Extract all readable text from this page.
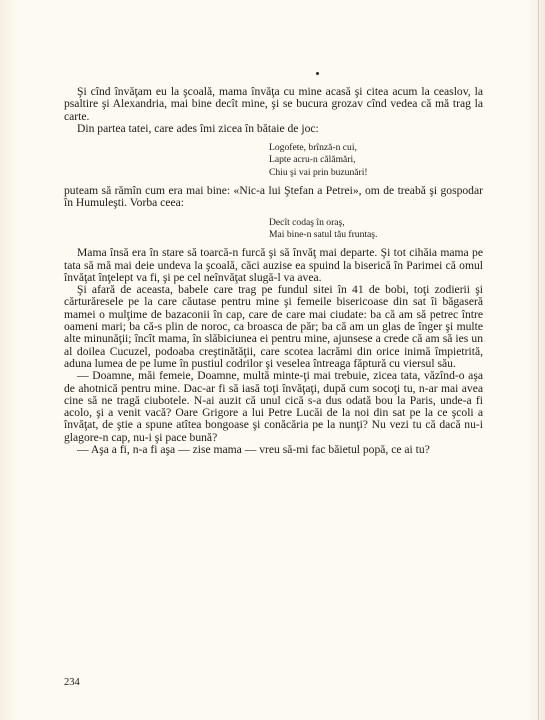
Şi cînd învăţam eu la şcoală, mama învăţa cu mine acasă şi citea acum la ceaslov, la psaltire şi Alexandria, mai bine decît mine, şi se bucura grozav cînd vedea că mă trag la carte.

Din partea tatei, care ades îmi zicea în bătaie de joc:

Logofete, brînză-n cui,
Lapte acru-n călămări,
Chiu şi vai prin buzunări!

puteam să rămîn cum era mai bine: «Nic-a lui Ştefan a Petrei», om de treabă şi gospodar în Humuleşti. Vorba ceea:

Decît codaş în oraş,
Mai bine-n satul tău fruntaş.

Mama însă era în stare să toarcă-n furcă şi să învăţ mai departe. Şi tot cihăia mama pe tata să mă mai deie undeva la şcoală, căci auzise ea spuind la biserică în Parimei că omul învăţat înţelept va fi, şi pe cel neînvăţat slugă-l va avea.

Şi afară de aceasta, babele care trag pe fundul sitei în 41 de bobi, toţi zodierii şi cărturăresele pe la care căutase pentru mine şi femeile bisericoase din sat îi băgaseră mamei o mulţime de bazaconii în cap, care de care mai ciudate: ba că am să petrec între oameni mari; ba că-s plin de noroc, ca broasca de păr; ba că am un glas de înger şi multe alte minunăţii; încît mama, în slăbiciunea ei pentru mine, ajunsese a crede că am să ies un al doilea Cucuzel, podoaba creştinătăţii, care scotea lacrămi din orice inimă împietrită, aduna lumea de pe lume în pustiul codrilor şi veselea întreaga făptură cu viersul său.

— Doamne, măi femeie, Doamne, multă minte-ţi mai trebuie, zicea tata, văzînd-o aşa de ahotnică pentru mine. Dac-ar fi să iasă toţi învăţaţi, după cum socoţi tu, n-ar mai avea cine să ne tragă ciubotele. N-ai auzit că unul cică s-a dus odată bou la Paris, unde-a fi acolo, şi a venit vacă? Oare Grigore a lui Petre Lucăi de la noi din sat pe la ce şcoli a învăţat, de ştie a spune atîtea bongoase şi conăcăria pe la nunţi? Nu vezi tu că dacă nu-i glagore-n cap, nu-i şi pace bună?

— Aşa a fi, n-a fi aşa — zise mama — vreu să-mi fac băietul popă, ce ai tu?

234
